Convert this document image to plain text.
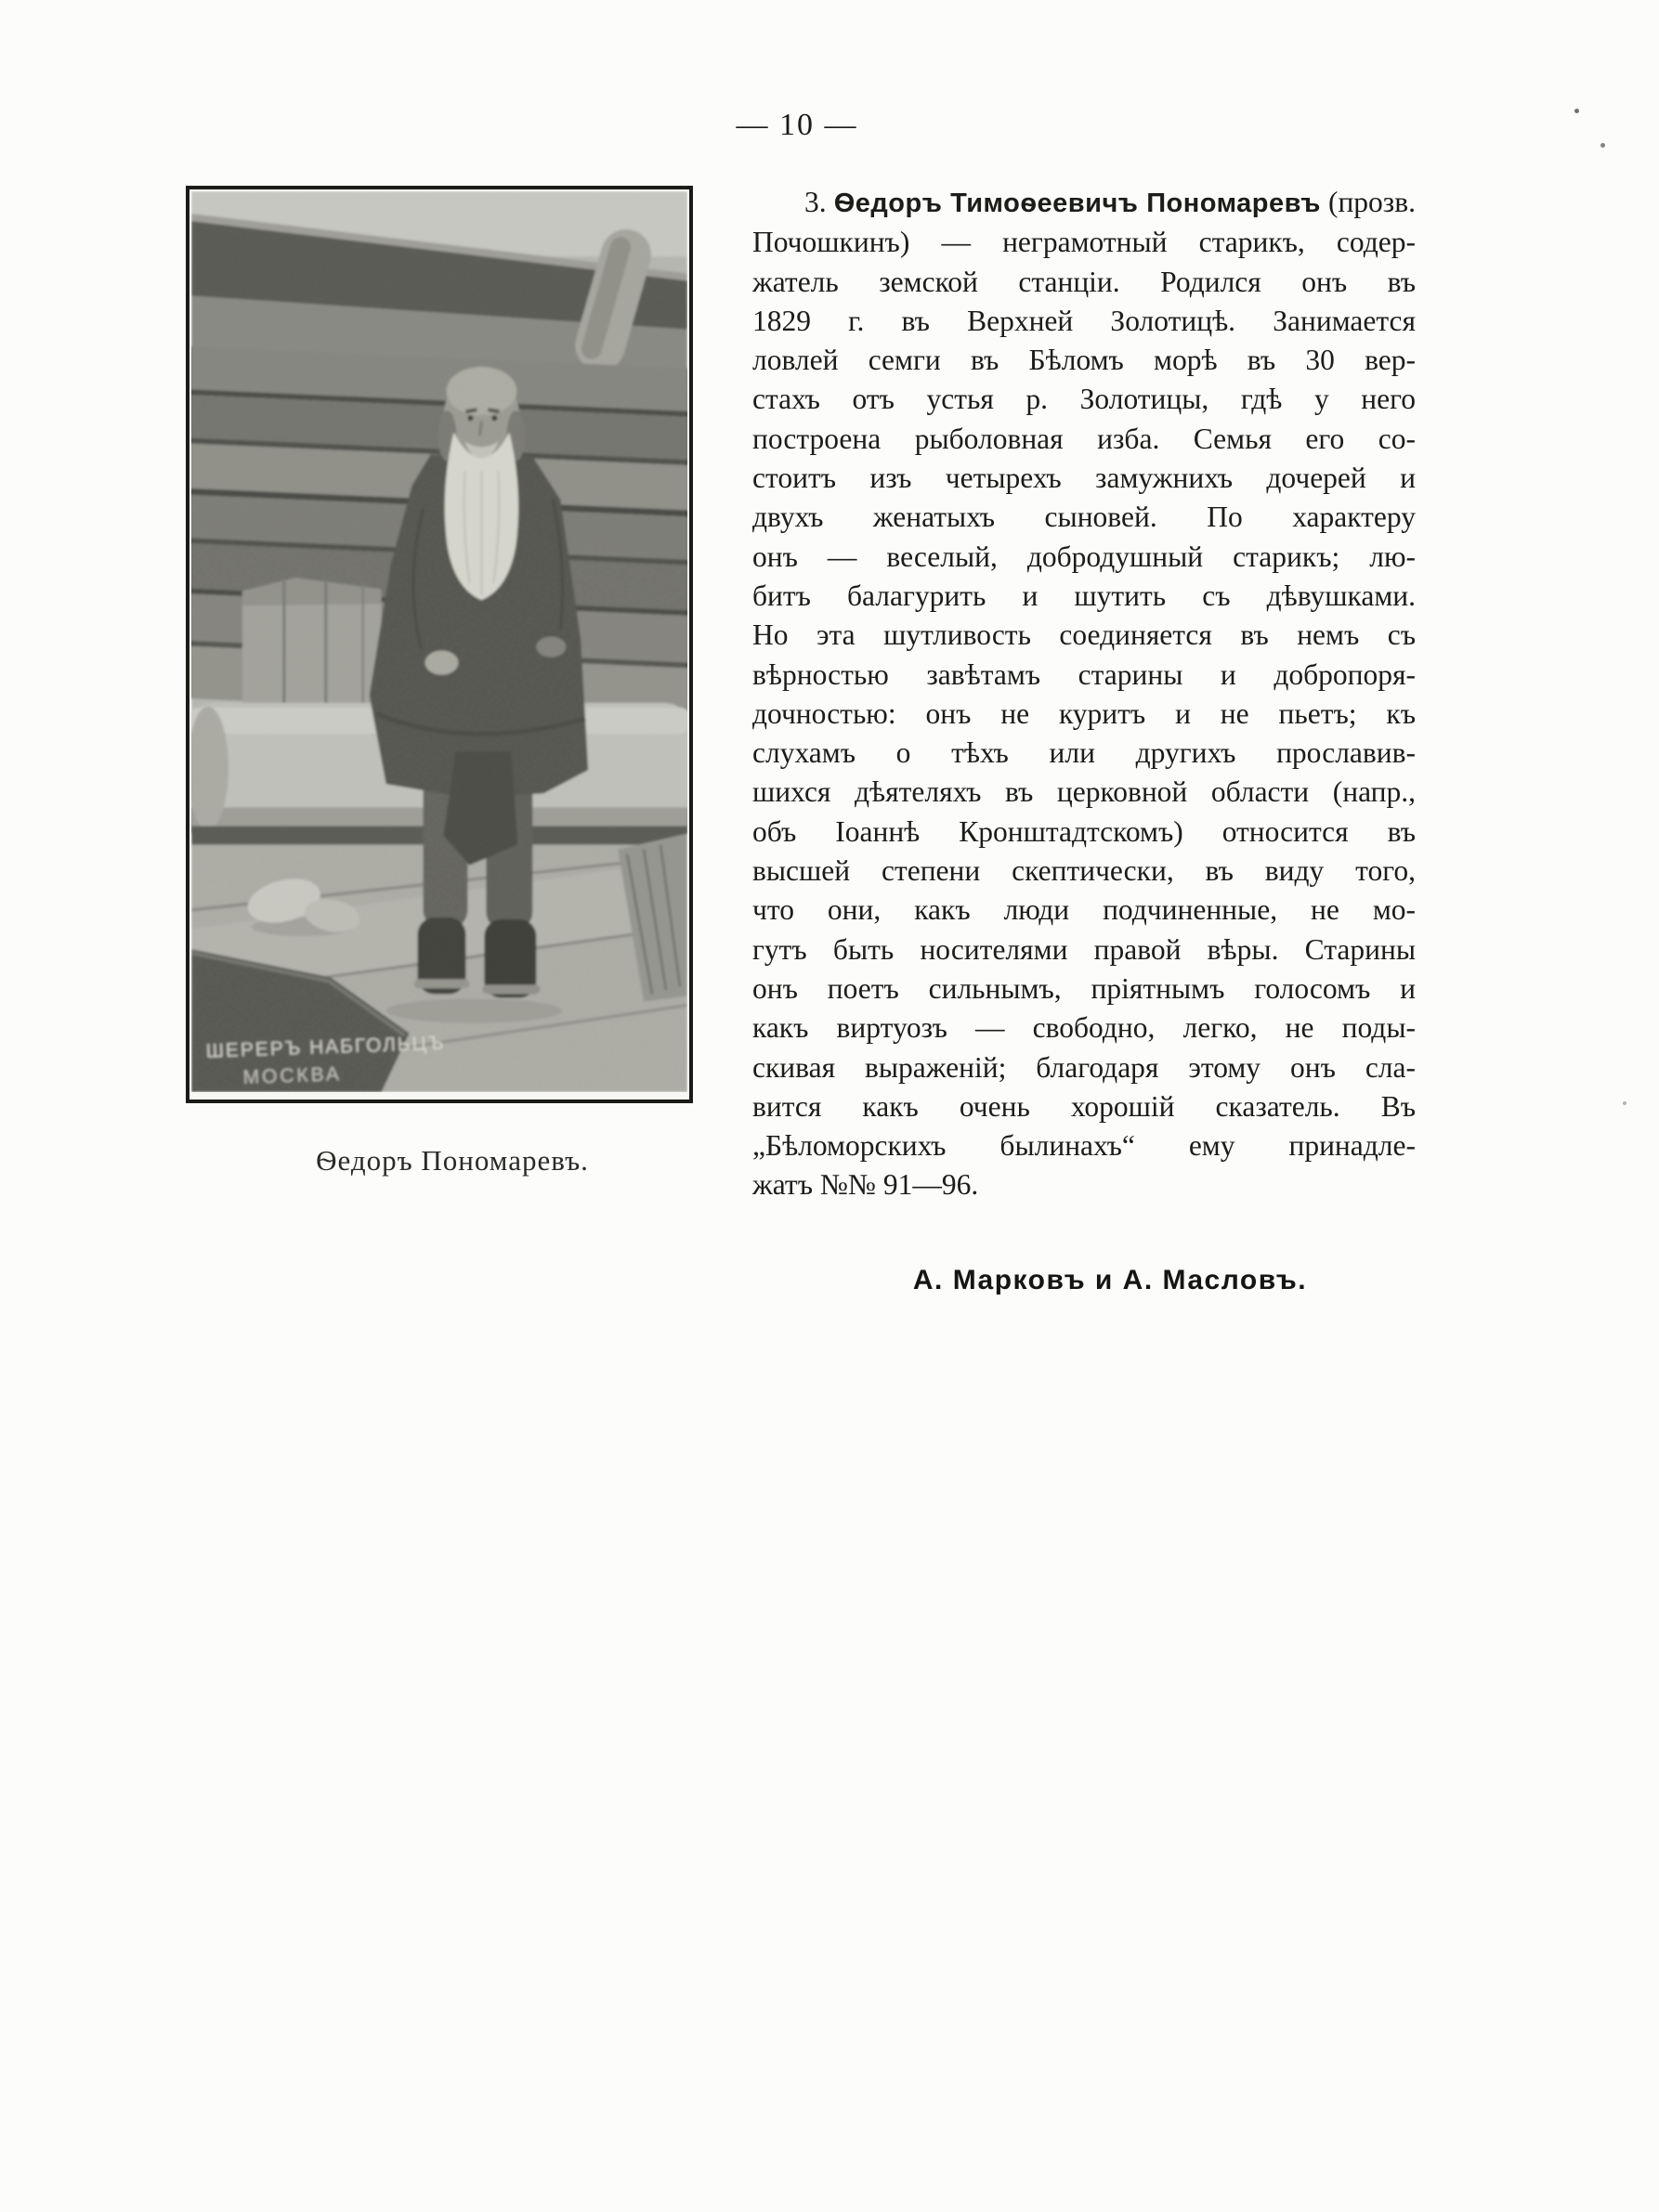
— 10 —
ШЕРЕРЪ НАБГОЛЬЦЪ
МОСКВА
Ѳедоръ Пономаревъ.
3. Ѳедоръ Тимоѳеевичъ Пономаревъ (прозв.
Почошкинъ) — неграмотный старикъ, содер-
жатель земской станціи. Родился онъ въ
1829 г. въ Верхней Золотицѣ. Занимается
ловлей семги въ Бѣломъ морѣ въ 30 вер-
стахъ отъ устья р. Золотицы, гдѣ у него
построена рыболовная изба. Семья его со-
стоитъ изъ четырехъ замужнихъ дочерей и
двухъ женатыхъ сыновей. По характеру
онъ — веселый, добродушный старикъ; лю-
битъ балагурить и шутить съ дѣвушками.
Но эта шутливость соединяется въ немъ съ
вѣрностью завѣтамъ старины и добропоря-
дочностью: онъ не куритъ и не пьетъ; къ
слухамъ о тѣхъ или другихъ прославив-
шихся дѣятеляхъ въ церковной области (напр.,
объ Іоаннѣ Кронштадтскомъ) относится въ
высшей степени скептически, въ виду того,
что они, какъ люди подчиненные, не мо-
гутъ быть носителями правой вѣры. Старины
онъ поетъ сильнымъ, пріятнымъ голосомъ и
какъ виртуозъ — свободно, легко, не поды-
скивая выраженій; благодаря этому онъ сла-
вится какъ очень хорошій сказатель. Въ
„Бѣломорскихъ былинахъ“ ему принадле-
жатъ №№ 91—96.
А. Марковъ и А. Масловъ.
